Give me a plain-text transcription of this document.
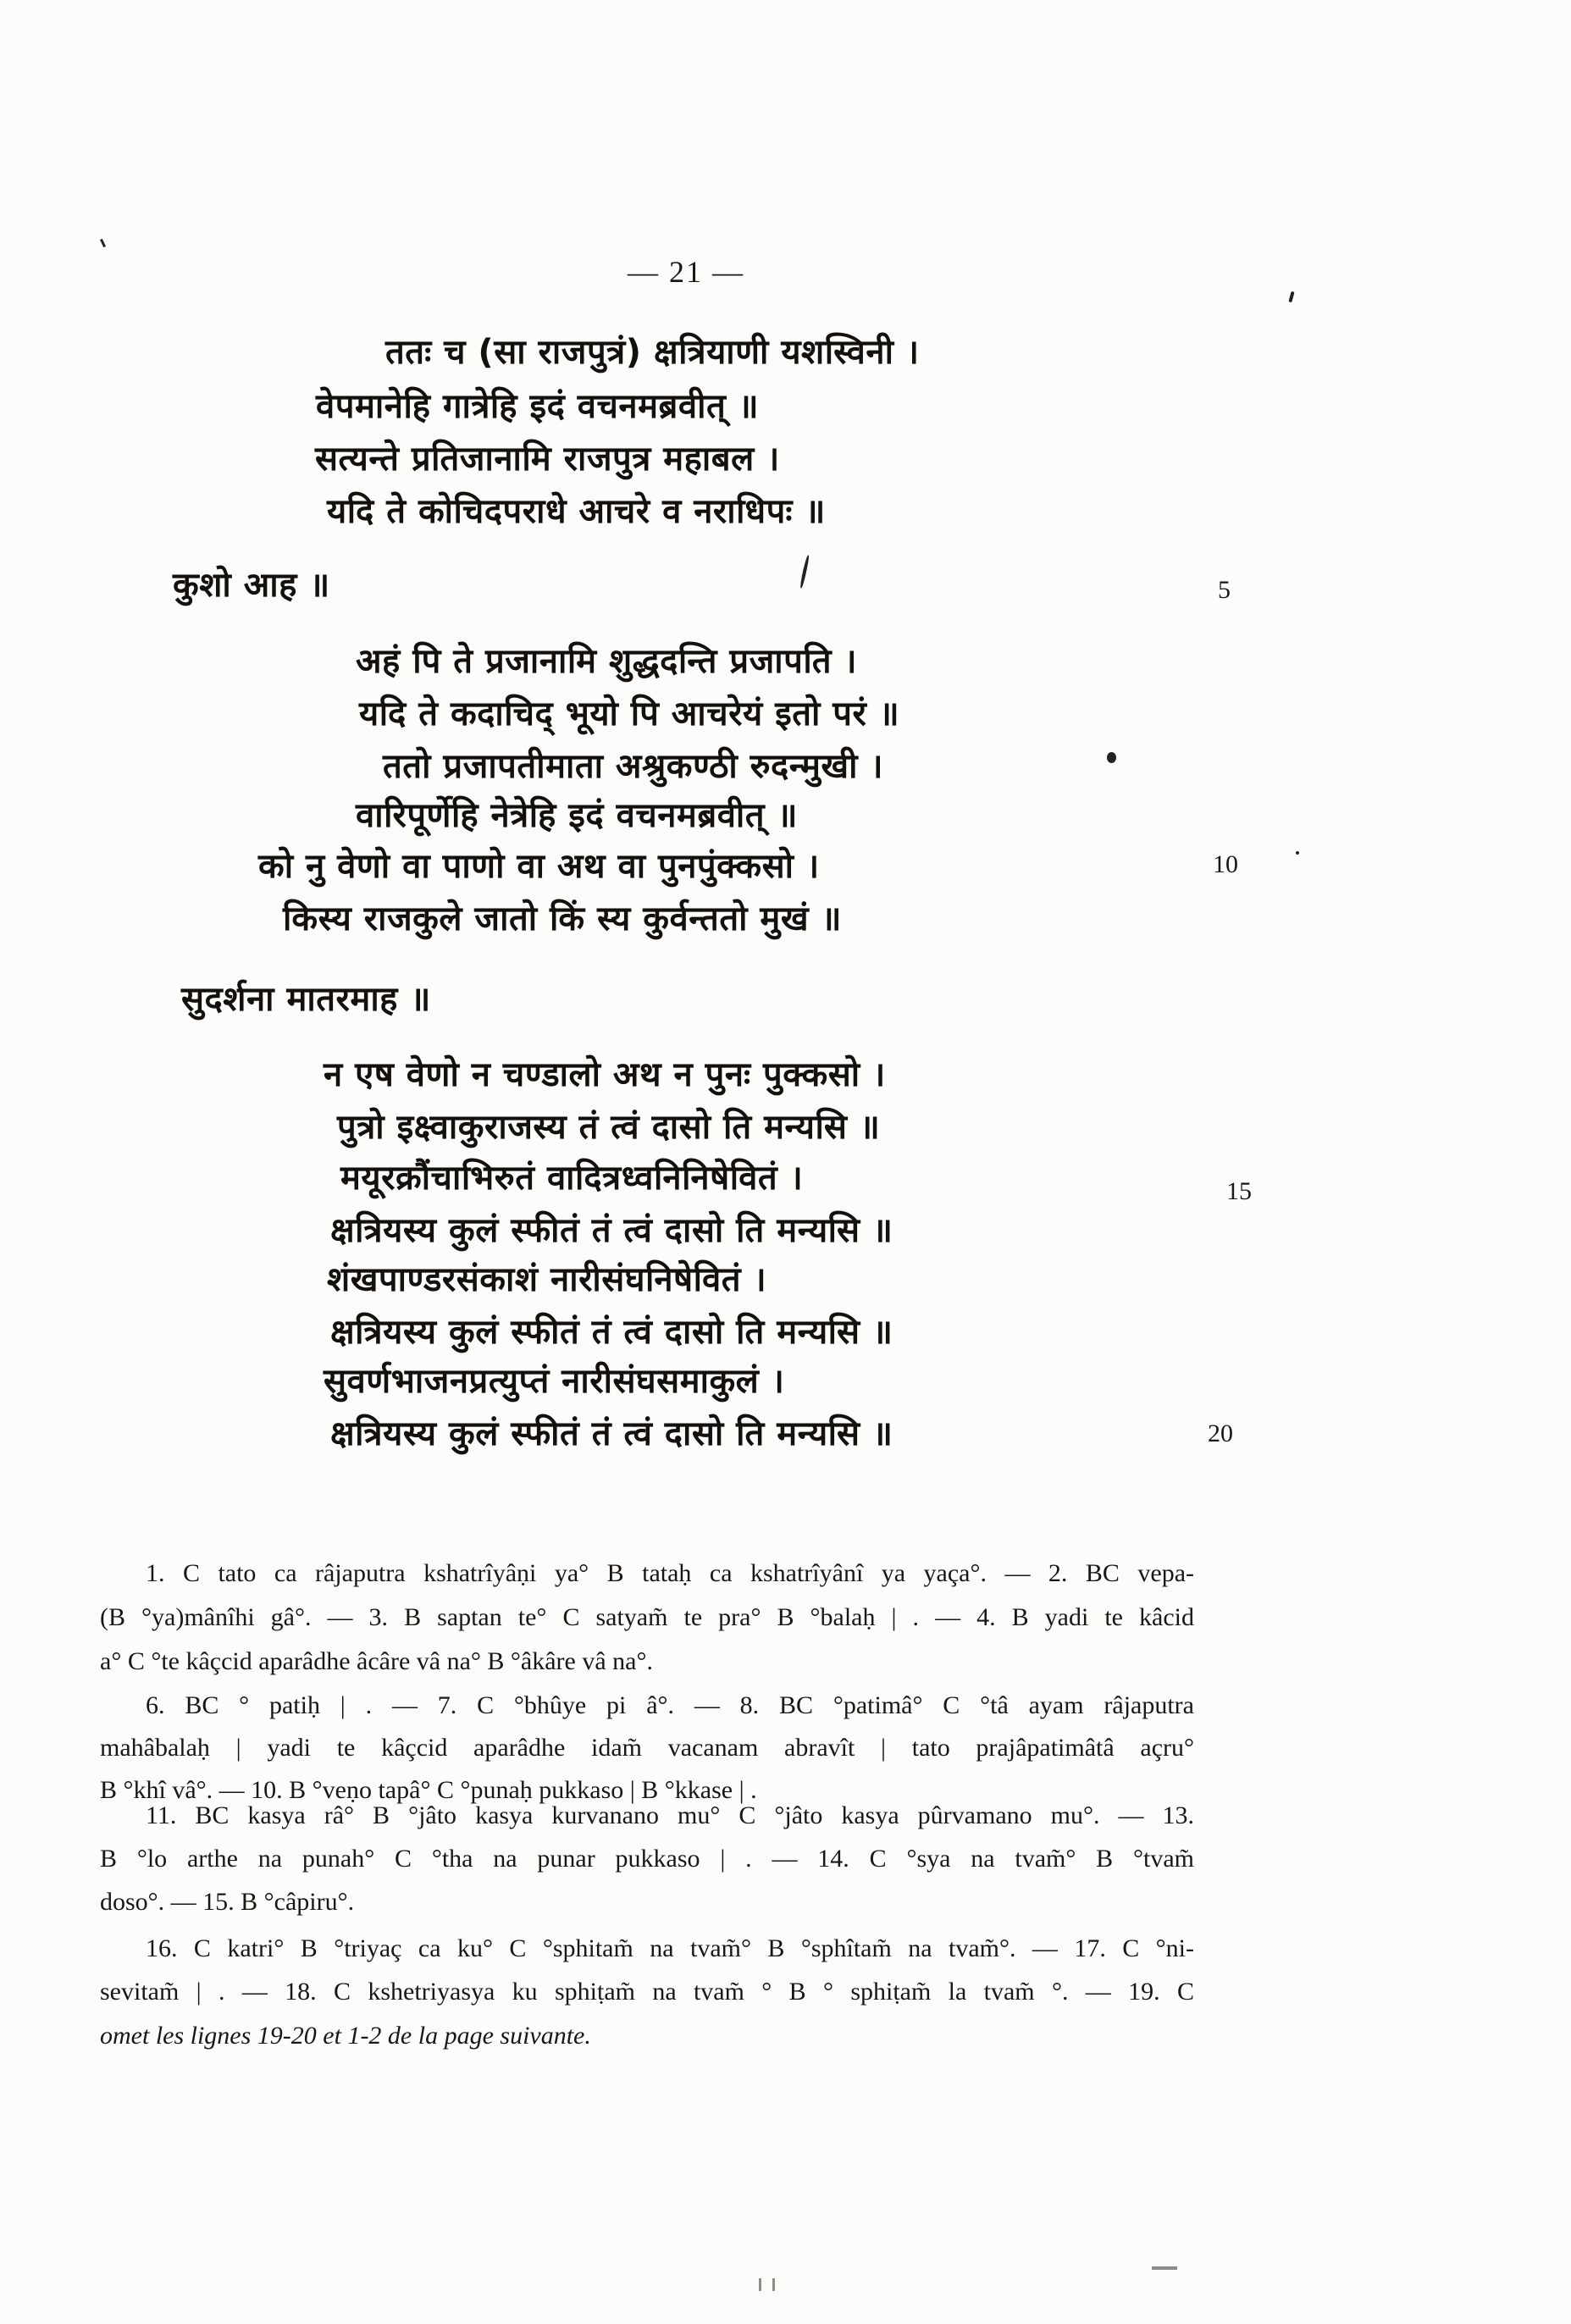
— 21 —
ततः च (सा राजपुत्रं) क्षत्रियाणी यशस्विनी ।
वेपमानेहि गात्रेहि इदं वचनमब्रवीत् ॥
सत्यन्ते प्रतिजानामि राजपुत्र महाबल ।
यदि ते कोचिदपराधे आचरे व नराधिपः ॥
कुशो आह ॥	5
अहं पि ते प्रजानामि शुद्धदन्ति प्रजापति ।
यदि ते कदाचिद् भूयो पि आचरेयं इतो परं ॥
ततो प्रजापतीमाता अश्रुकण्ठी रुदन्मुखी ।
वारिपूर्णेहि नेत्रेहि इदं वचनमब्रवीत् ॥
को नु वेणो वा पाणो वा अथ वा पुनपुंक्कसो ।	10
किस्य राजकुले जातो किं स्य कुर्वन्ततो मुखं ॥
सुदर्शना मातरमाह ॥
न एष वेणो न चण्डालो अथ न पुनः पुक्कसो ।
पुत्रो इक्ष्वाकुराजस्य तं त्वं दासो ति मन्यसि ॥
मयूरक्रौंचाभिरुतं वादित्रध्वनिनिषेवितं ।	15
क्षत्रियस्य कुलं स्फीतं तं त्वं दासो ति मन्यसि ॥
शंखपाण्डरसंकाशं नारीसंघनिषेवितं ।
क्षत्रियस्य कुलं स्फीतं तं त्वं दासो ति मन्यसि ॥
सुवर्णभाजनप्रत्युप्तं नारीसंघसमाकुलं ।
क्षत्रियस्य कुलं स्फीतं तं त्वं दासो ति मन्यसि ॥	20
1. C tato ca râjaputra kshatrîyâṇi ya° B tataḥ ca kshatrîyânî ya yaça°. — 2. BC vepa-
(B °ya)mânîhi gâ°. — 3. B saptan te° C satyam̃ te pra° B °balaḥ | . — 4. B yadi te kâcid
a° C °te kâçcid aparâdhe âcâre vâ na° B °âkâre vâ na°.
6. BC ° patiḥ | . — 7. C °bhûye pi â°. — 8. BC °patimâ° C °tâ ayam râjaputra
mahâbalaḥ | yadi te kâçcid aparâdhe idam̃ vacanam abravît | tato prajâpatimâtâ açru°
B °khî vâ°. — 10. B °veṇo tapâ° C °punaḥ pukkaso | B °kkase | .
11. BC kasya râ° B °jâto kasya kurvanano mu° C °jâto kasya pûrvamano mu°. — 13.
B °lo arthe na punah° C °tha na punar pukkaso | . — 14. C °sya na tvam̃° B °tvam̃
doso°. — 15. B °câpiru°.
16. C katri° B °triyaç ca ku° C °sphitam̃ na tvam̃° B °sphîtam̃ na tvam̃°. — 17. C °ni-
sevitam̃ | . — 18. C kshetriyasya ku sphiṭam̃ na tvam̃ ° B ° sphiṭam̃ la tvam̃ °. — 19. C
omet les lignes 19-20 et 1-2 de la page suivante.
